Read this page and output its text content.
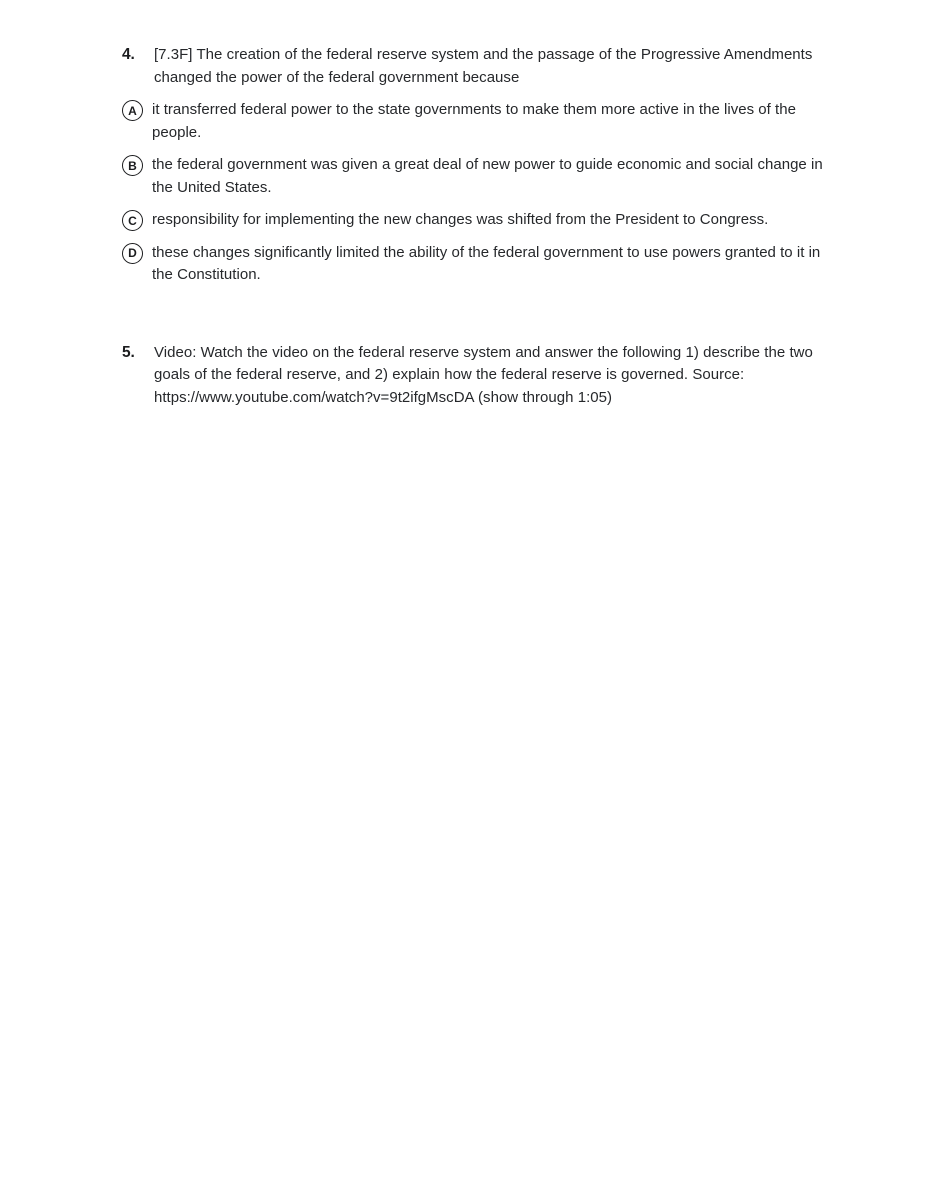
4.	[7.3F] The creation of the federal reserve system and the passage of the Progressive Amendments changed the power of the federal government because
A	it transferred federal power to the state governments to make them more active in the lives of the people.
B	the federal government was given a great deal of new power to guide economic and social change in the United States.
C	responsibility for implementing the new changes was shifted from the President to Congress.
D	these changes significantly limited the ability of the federal government to use powers granted to it in the Constitution.
5.	Video: Watch the video on the federal reserve system and answer the following 1) describe the two goals of the federal reserve, and 2) explain how the federal reserve is governed. Source: https://www.youtube.com/watch?v=9t2ifgMscDA (show through 1:05)
